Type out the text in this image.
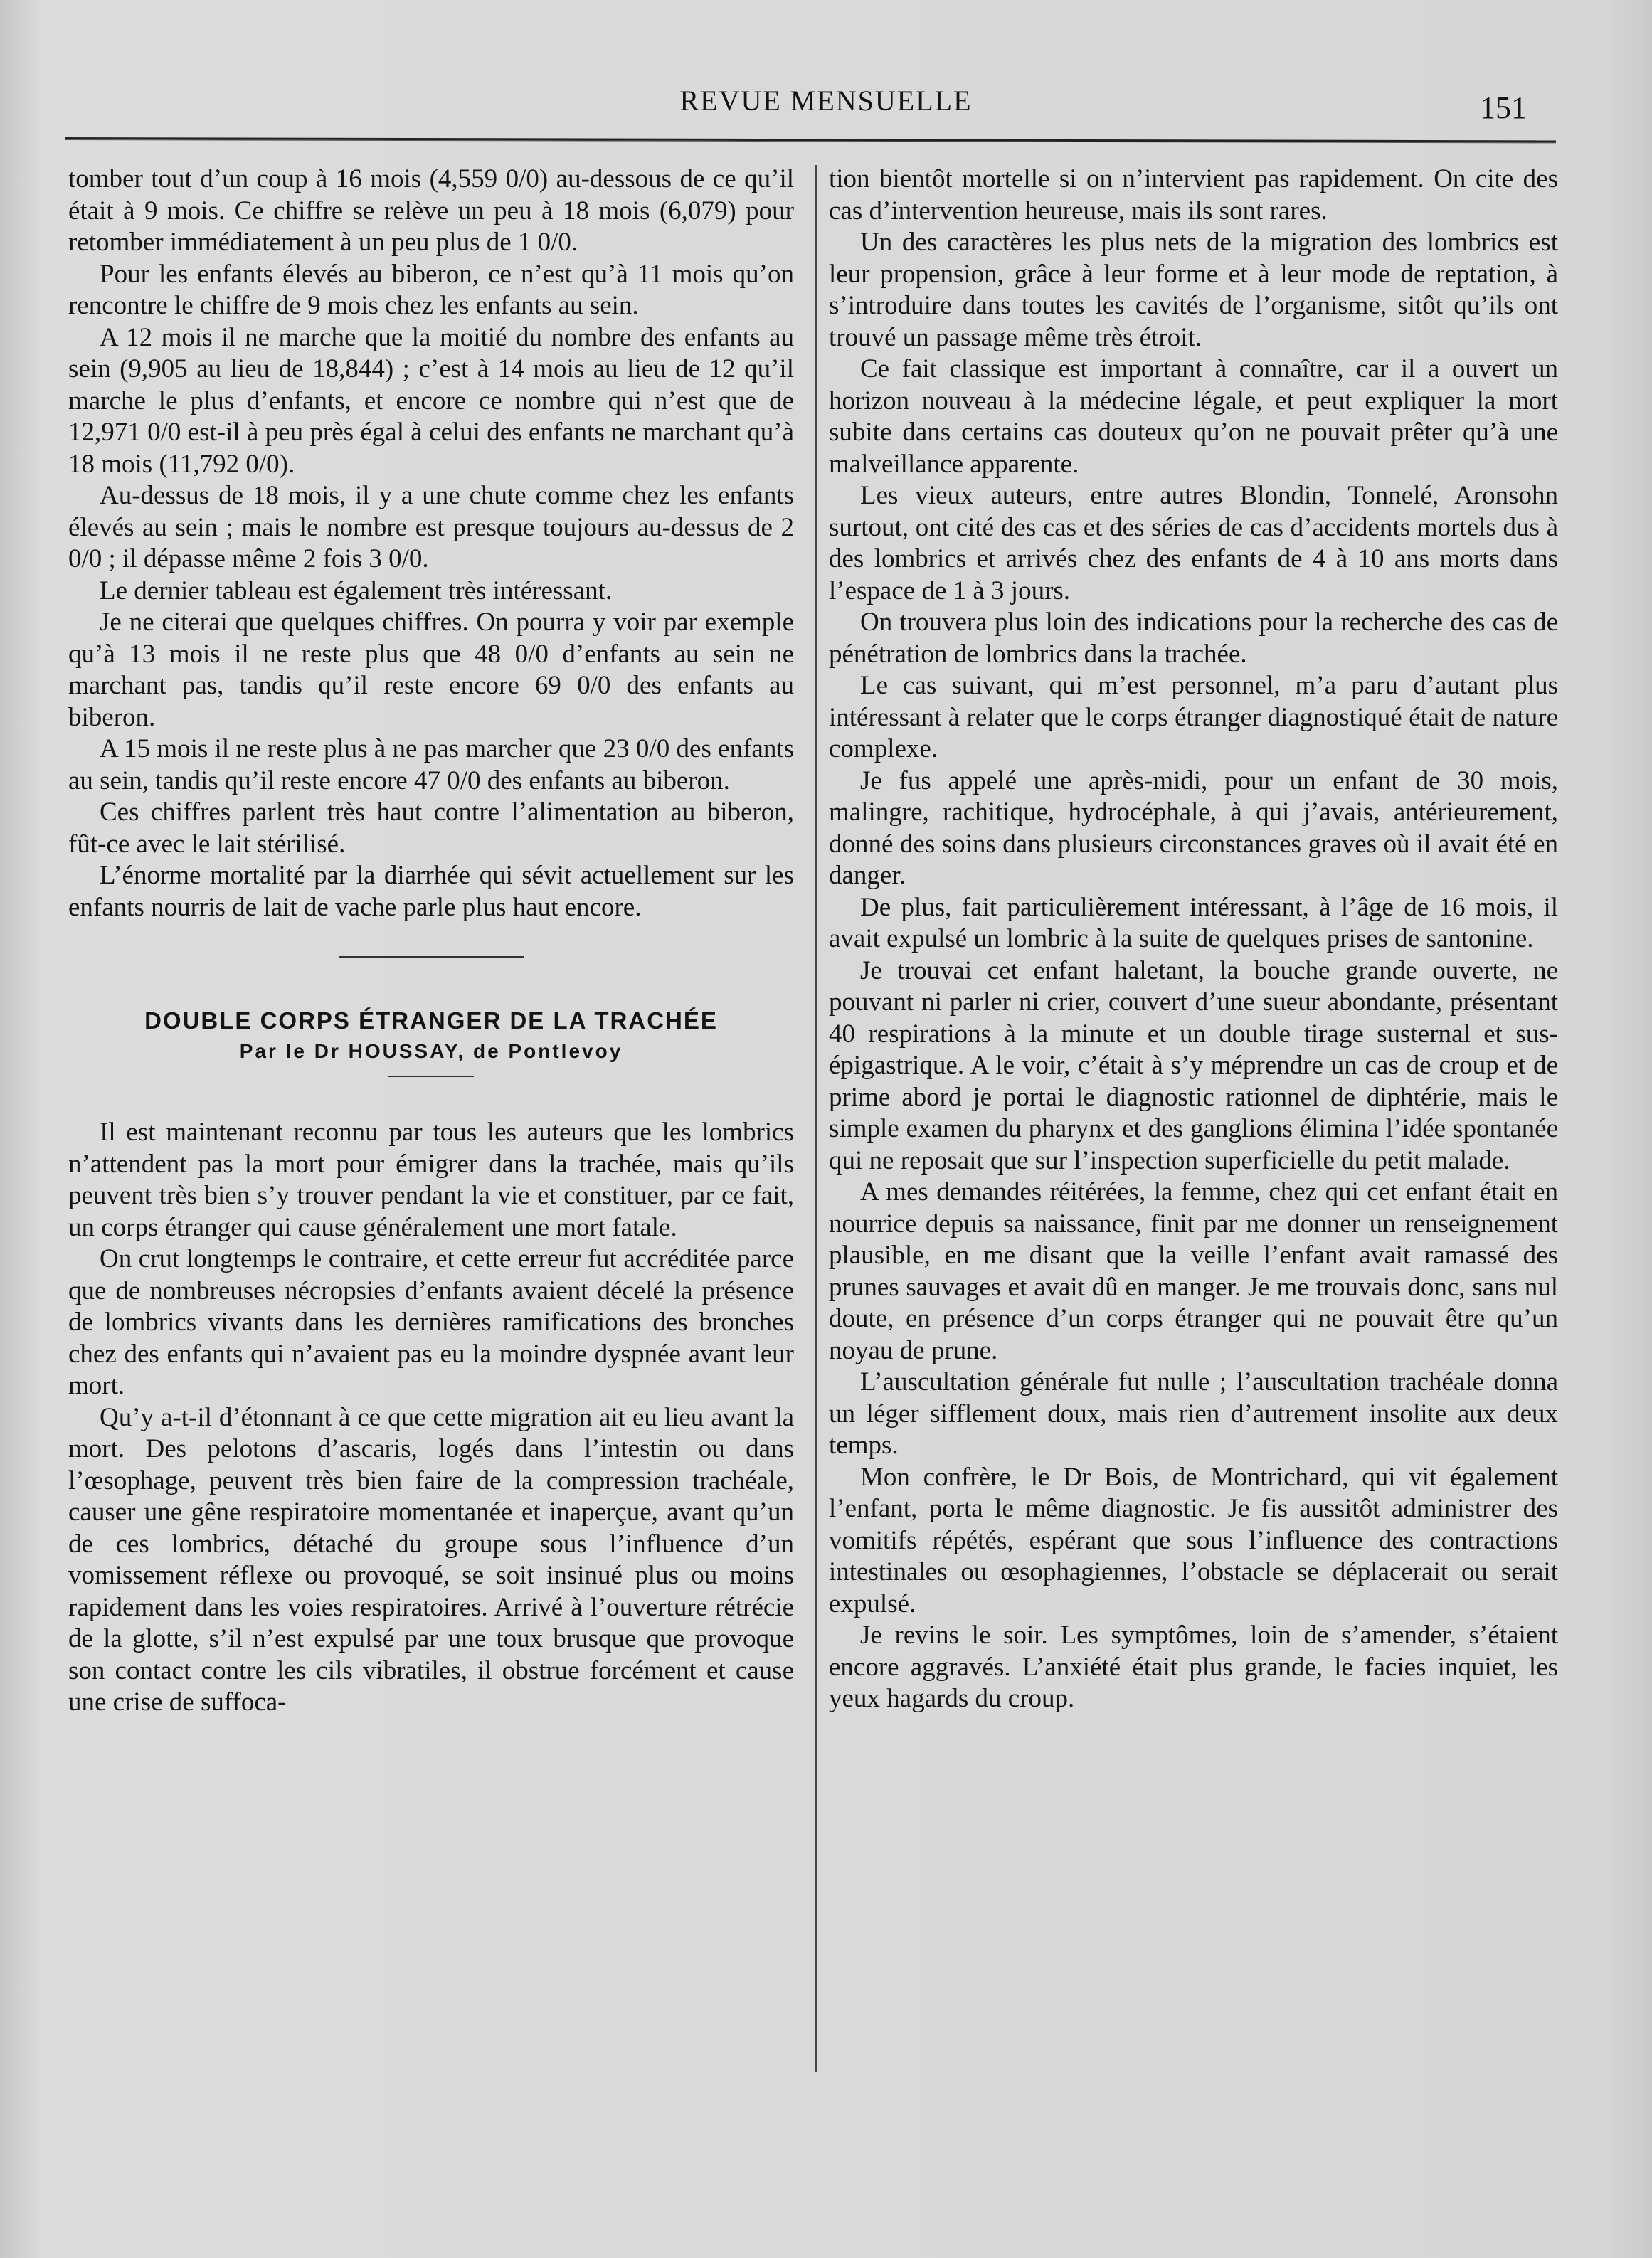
REVUE MENSUELLE	151

tomber tout d’un coup à 16 mois (4,559 0/0) au-dessous de ce qu’il était à 9 mois. Ce chiffre se relève un peu à 18 mois (6,079) pour retomber immédiatement à un peu plus de 1 0/0.

Pour les enfants élevés au biberon, ce n’est qu’à 11 mois qu’on rencontre le chiffre de 9 mois chez les enfants au sein.

A 12 mois il ne marche que la moitié du nombre des enfants au sein (9,905 au lieu de 18,844) ; c’est à 14 mois au lieu de 12 qu’il marche le plus d’enfants, et encore ce nombre qui n’est que de 12,971 0/0 est-il à peu près égal à celui des enfants ne marchant qu’à 18 mois (11,792 0/0).

Au-dessus de 18 mois, il y a une chute comme chez les enfants élevés au sein ; mais le nombre est presque toujours au-dessus de 2 0/0 ; il dépasse même 2 fois 3 0/0.

Le dernier tableau est également très intéressant.

Je ne citerai que quelques chiffres. On pourra y voir par exemple qu’à 13 mois il ne reste plus que 48 0/0 d’enfants au sein ne marchant pas, tandis qu’il reste encore 69 0/0 des enfants au biberon.

A 15 mois il ne reste plus à ne pas marcher que 23 0/0 des enfants au sein, tandis qu’il reste encore 47 0/0 des enfants au biberon.

Ces chiffres parlent très haut contre l’alimentation au biberon, fût-ce avec le lait stérilisé.

L’énorme mortalité par la diarrhée qui sévit actuellement sur les enfants nourris de lait de vache parle plus haut encore.

DOUBLE CORPS ÉTRANGER DE LA TRACHÉE

Par le Dr HOUSSAY, de Pontlevoy

Il est maintenant reconnu par tous les auteurs que les lombrics n’attendent pas la mort pour émigrer dans la trachée, mais qu’ils peuvent très bien s’y trouver pendant la vie et constituer, par ce fait, un corps étranger qui cause généralement une mort fatale.

On crut longtemps le contraire, et cette erreur fut accréditée parce que de nombreuses nécropsies d’enfants avaient décelé la présence de lombrics vivants dans les dernières ramifications des bronches chez des enfants qui n’avaient pas eu la moindre dyspnée avant leur mort.

Qu’y a-t-il d’étonnant à ce que cette migration ait eu lieu avant la mort. Des pelotons d’ascaris, logés dans l’intestin ou dans l’œsophage, peuvent très bien faire de la compression trachéale, causer une gêne respiratoire momentanée et inaperçue, avant qu’un de ces lombrics, détaché du groupe sous l’influence d’un vomissement réflexe ou provoqué, se soit insinué plus ou moins rapidement dans les voies respiratoires. Arrivé à l’ouverture rétrécie de la glotte, s’il n’est expulsé par une toux brusque que provoque son contact contre les cils vibratiles, il obstrue forcément et cause une crise de suffoca-

tion bientôt mortelle si on n’intervient pas rapidement. On cite des cas d’intervention heureuse, mais ils sont rares.

Un des caractères les plus nets de la migration des lombrics est leur propension, grâce à leur forme et à leur mode de reptation, à s’introduire dans toutes les cavités de l’organisme, sitôt qu’ils ont trouvé un passage même très étroit.

Ce fait classique est important à connaître, car il a ouvert un horizon nouveau à la médecine légale, et peut expliquer la mort subite dans certains cas douteux qu’on ne pouvait prêter qu’à une malveillance apparente.

Les vieux auteurs, entre autres Blondin, Tonnelé, Aronsohn surtout, ont cité des cas et des séries de cas d’accidents mortels dus à des lombrics et arrivés chez des enfants de 4 à 10 ans morts dans l’espace de 1 à 3 jours.

On trouvera plus loin des indications pour la recherche des cas de pénétration de lombrics dans la trachée.

Le cas suivant, qui m’est personnel, m’a paru d’autant plus intéressant à relater que le corps étranger diagnostiqué était de nature complexe.

Je fus appelé une après-midi, pour un enfant de 30 mois, malingre, rachitique, hydrocéphale, à qui j’avais, antérieurement, donné des soins dans plusieurs circonstances graves où il avait été en danger.

De plus, fait particulièrement intéressant, à l’âge de 16 mois, il avait expulsé un lombric à la suite de quelques prises de santonine.

Je trouvai cet enfant haletant, la bouche grande ouverte, ne pouvant ni parler ni crier, couvert d’une sueur abondante, présentant 40 respirations à la minute et un double tirage susternal et sus-épigastrique. A le voir, c’était à s’y méprendre un cas de croup et de prime abord je portai le diagnostic rationnel de diphtérie, mais le simple examen du pharynx et des ganglions élimina l’idée spontanée qui ne reposait que sur l’inspection superficielle du petit malade.

A mes demandes réitérées, la femme, chez qui cet enfant était en nourrice depuis sa naissance, finit par me donner un renseignement plausible, en me disant que la veille l’enfant avait ramassé des prunes sauvages et avait dû en manger. Je me trouvais donc, sans nul doute, en présence d’un corps étranger qui ne pouvait être qu’un noyau de prune.

L’auscultation générale fut nulle ; l’auscultation trachéale donna un léger sifflement doux, mais rien d’autrement insolite aux deux temps.

Mon confrère, le Dr Bois, de Montrichard, qui vit également l’enfant, porta le même diagnostic. Je fis aussitôt administrer des vomitifs répétés, espérant que sous l’influence des contractions intestinales ou œsophagiennes, l’obstacle se déplacerait ou serait expulsé.

Je revins le soir. Les symptômes, loin de s’amender, s’étaient encore aggravés. L’anxiété était plus grande, le facies inquiet, les yeux hagards du croup.
